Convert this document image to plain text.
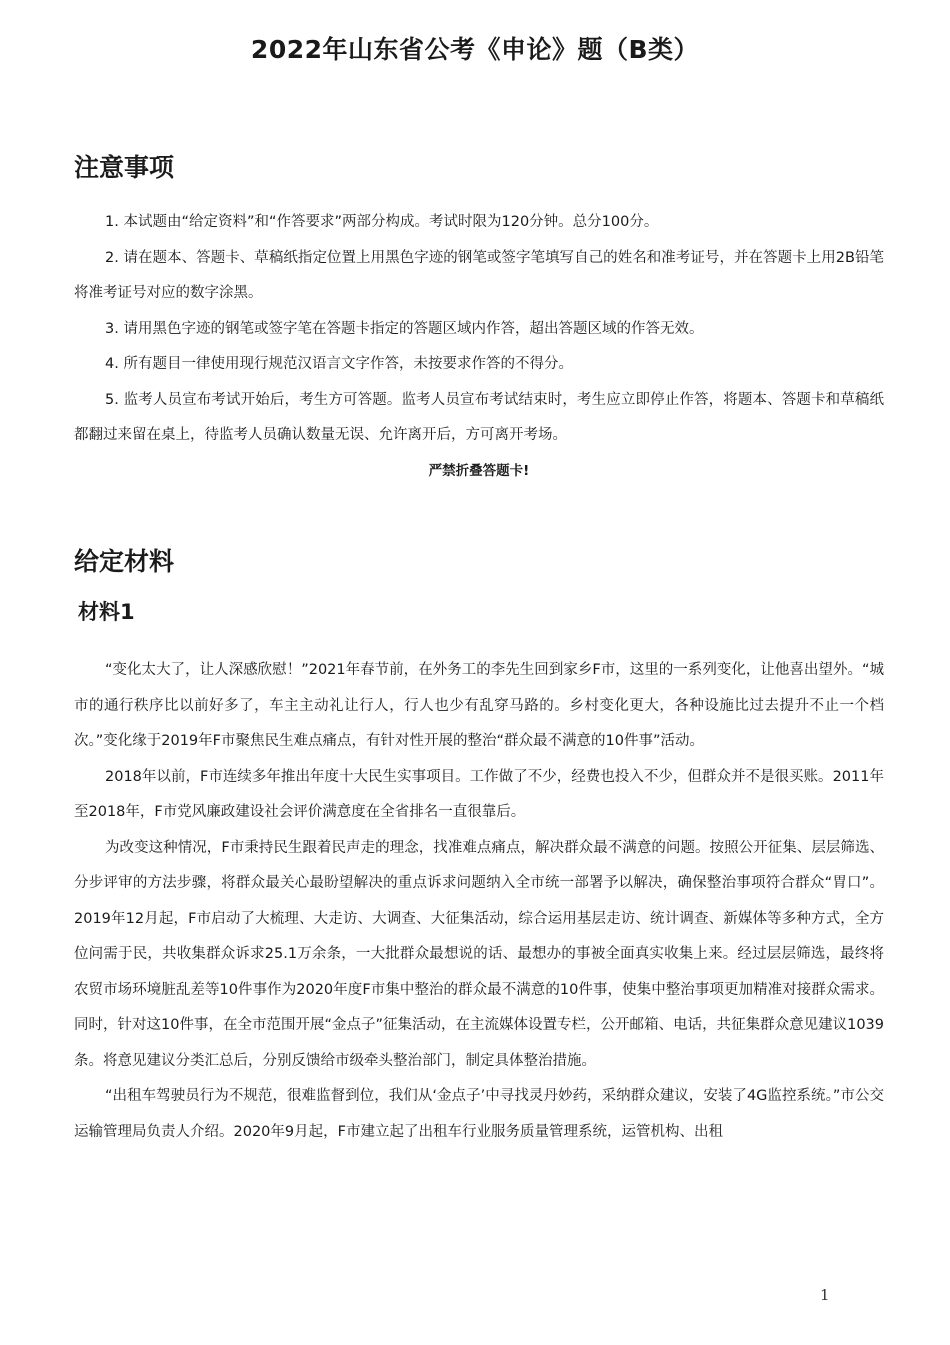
2022年山东省公考《申论》题（B类）
注意事项

1. 本试题由“给定资料”和“作答要求”两部分构成。考试时限为120分钟。总分100分。

2. 请在题本、答题卡、草稿纸指定位置上用黑色字迹的钢笔或签字笔填写自己的姓名和准考证号，并在答题卡上用2B铅笔将准考证号对应的数字涂黑。

3. 请用黑色字迹的钢笔或签字笔在答题卡指定的答题区域内作答，超出答题区域的作答无效。

4. 所有题目一律使用现行规范汉语言文字作答，未按要求作答的不得分。

5. 监考人员宣布考试开始后，考生方可答题。监考人员宣布考试结束时，考生应立即停止作答，将题本、答题卡和草稿纸都翻过来留在桌上，待监考人员确认数量无误、允许离开后，方可离开考场。

严禁折叠答题卡!

给定材料
材料1

“变化太大了，让人深感欣慰！”2021年春节前，在外务工的李先生回到家乡F市，这里的一系列变化，让他喜出望外。“城市的通行秩序比以前好多了，车主主动礼让行人，行人也少有乱穿马路的。乡村变化更大，各种设施比过去提升不止一个档次。”变化缘于2019年F市聚焦民生难点痛点，有针对性开展的整治“群众最不满意的10件事”活动。

2018年以前，F市连续多年推出年度十大民生实事项目。工作做了不少，经费也投入不少，但群众并不是很买账。2011年至2018年，F市党风廉政建设社会评价满意度在全省排名一直很靠后。

为改变这种情况，F市秉持民生跟着民声走的理念，找准难点痛点，解决群众最不满意的问题。按照公开征集、层层筛选、分步评审的方法步骤，将群众最关心最盼望解决的重点诉求问题纳入全市统一部署予以解决，确保整治事项符合群众“胃口”。2019年12月起，F市启动了大梳理、大走访、大调查、大征集活动，综合运用基层走访、统计调查、新媒体等多种方式，全方位问需于民，共收集群众诉求25.1万余条，一大批群众最想说的话、最想办的事被全面真实收集上来。经过层层筛选，最终将农贸市场环境脏乱差等10件事作为2020年度F市集中整治的群众最不满意的10件事，使集中整治事项更加精准对接群众需求。同时，针对这10件事，在全市范围开展“金点子”征集活动，在主流媒体设置专栏，公开邮箱、电话，共征集群众意见建议1039条。将意见建议分类汇总后，分别反馈给市级牵头整治部门，制定具体整治措施。

“出租车驾驶员行为不规范，很难监督到位，我们从‘金点子’中寻找灵丹妙药，采纳群众建议，安装了4G监控系统。”市公交运输管理局负责人介绍。2020年9月起，F市建立起了出租车行业服务质量管理系统，运管机构、出租

1
